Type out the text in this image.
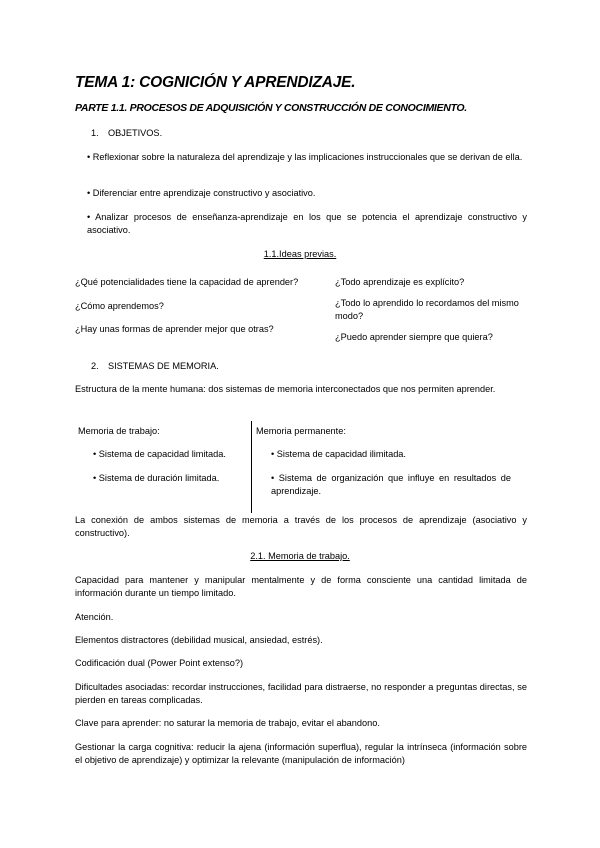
TEMA 1: COGNICIÓN Y APRENDIZAJE.
PARTE 1.1. PROCESOS DE ADQUISICIÓN Y CONSTRUCCIÓN DE CONOCIMIENTO.
1. OBJETIVOS.
• Reflexionar sobre la naturaleza del aprendizaje y las implicaciones instruccionales que se derivan de ella.
• Diferenciar entre aprendizaje constructivo y asociativo.
• Analizar procesos de enseñanza-aprendizaje en los que se potencia el aprendizaje constructivo y asociativo.
1.1.Ideas previas.
¿Qué potencialidades tiene la capacidad de aprender?
¿Cómo aprendemos?
¿Hay unas formas de aprender mejor que otras?
¿Todo aprendizaje es explícito?
¿Todo lo aprendido lo recordamos del mismo modo?
¿Puedo aprender siempre que quiera?
2. SISTEMAS DE MEMORIA.
Estructura de la mente humana: dos sistemas de memoria interconectados que nos permiten aprender.
Memoria de trabajo:
• Sistema de capacidad limitada.
• Sistema de duración limitada.
Memoria permanente:
• Sistema de capacidad ilimitada.
• Sistema de organización que influye en resultados de aprendizaje.
La conexión de ambos sistemas de memoria a través de los procesos de aprendizaje (asociativo y constructivo).
2.1. Memoria de trabajo.
Capacidad para mantener y manipular mentalmente y de forma consciente una cantidad limitada de información durante un tiempo limitado.
Atención.
Elementos distractores (debilidad musical, ansiedad, estrés).
Codificación dual (Power Point extenso?)
Dificultades asociadas: recordar instrucciones, facilidad para distraerse, no responder a preguntas directas, se pierden en tareas complicadas.
Clave para aprender: no saturar la memoria de trabajo, evitar el abandono.
Gestionar la carga cognitiva: reducir la ajena (información superflua), regular la intrínseca (información sobre el objetivo de aprendizaje) y optimizar la relevante (manipulación de información)
